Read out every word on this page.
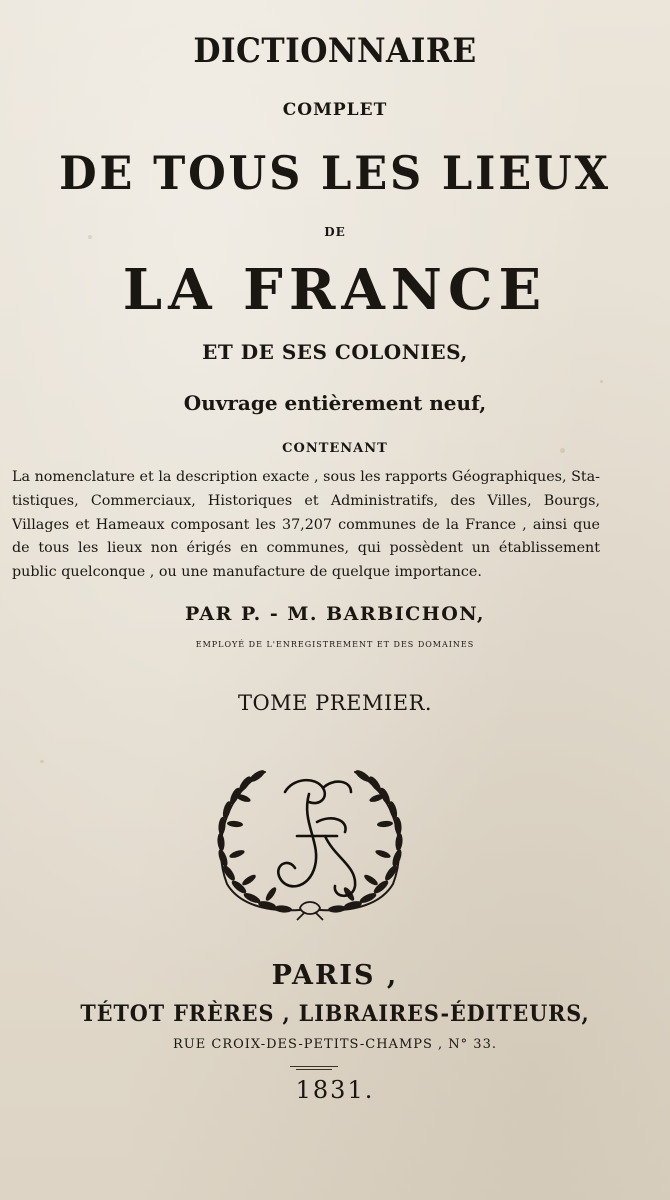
DICTIONNAIRE
COMPLET
DE TOUS LES LIEUX
DE
LA FRANCE
ET DE SES COLONIES,
Ouvrage entièrement neuf,
CONTENANT
La nomenclature et la description exacte , sous les rapports Géographiques, Sta-
tistiques, Commerciaux, Historiques et Administratifs, des Villes, Bourgs,
Villages et Hameaux composant les 37,207 communes de la France , ainsi que
de tous les lieux non érigés en communes, qui possèdent un établissement
public quelconque , ou une manufacture de quelque importance.
PAR P. - M. BARBICHON,
EMPLOYÉ DE L'ENREGISTREMENT ET DES DOMAINES
TOME PREMIER.
PARIS ,
TÉTOT FRÈRES , LIBRAIRES-ÉDITEURS,
RUE CROIX-DES-PETITS-CHAMPS , N° 33.
1831.
